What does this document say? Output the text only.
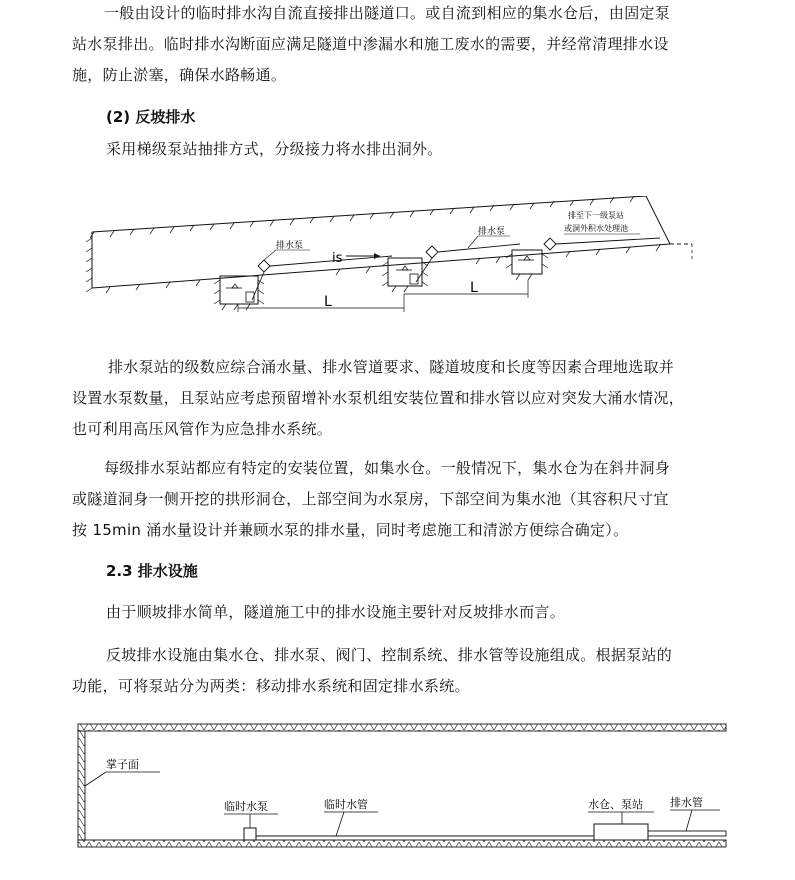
一般由设计的临时排水沟自流直接排出隧道口。或自流到相应的集水仓后，由固定泵
站水泵排出。临时排水沟断面应满足隧道中渗漏水和施工废水的需要，并经常清理排水设
施，防止淤塞，确保水路畅通。
(2) 反坡排水
采用梯级泵站抽排方式，分级接力将水排出洞外。
排水泵
is
排水泵
排至下一级泵站
或洞外积水处理池
L
L
排水泵站的级数应综合涌水量、排水管道要求、隧道坡度和长度等因素合理地选取并
设置水泵数量，且泵站应考虑预留增补水泵机组安装位置和排水管以应对突发大涌水情况，
也可利用高压风管作为应急排水系统。
每级排水泵站都应有特定的安装位置，如集水仓。一般情况下，集水仓为在斜井洞身
或隧道洞身一侧开挖的拱形洞仓，上部空间为水泵房，下部空间为集水池（其容积尺寸宜
按 15min 涌水量设计并兼顾水泵的排水量，同时考虑施工和清淤方便综合确定）。
2.3 排水设施
由于顺坡排水简单，隧道施工中的排水设施主要针对反坡排水而言。
反坡排水设施由集水仓、排水泵、阀门、控制系统、排水管等设施组成。根据泵站的
功能，可将泵站分为两类：移动排水系统和固定排水系统。
掌子面
临时水泵	临时水管	水仓、泵站 排水管
